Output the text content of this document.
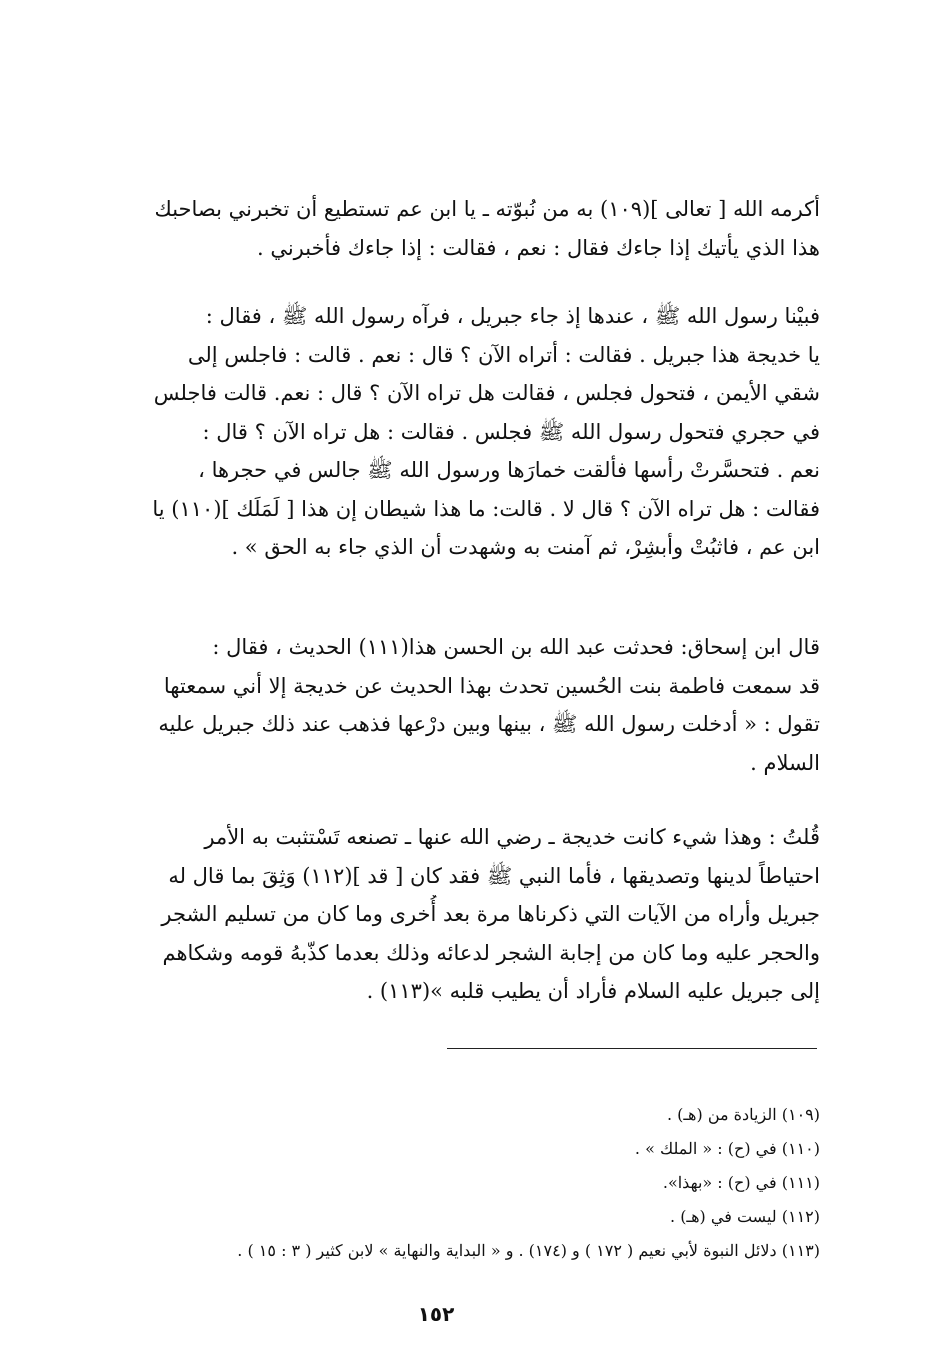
أكرمه الله [ تعالى ](١٠٩) به من نُبوّته ـ يا ابن عم تستطيع أن تخبرني بصاحبك
هذا الذي يأتيك إذا جاءك فقال : نعم ، فقالت : إذا جاءك فأخبرني .
فبيْنا رسول الله ﷺ ، عندها إذ جاء جبريل ، فرآه رسول الله ﷺ ، فقال :
يا خديجة هذا جبريل . فقالت : أتراه الآن ؟ قال : نعم . قالت : فاجلس إلى
شقي الأيمن ، فتحول فجلس ، فقالت هل تراه الآن ؟ قال : نعم. قالت فاجلس
في حجري فتحول رسول الله ﷺ فجلس . فقالت : هل تراه الآن ؟ قال :
نعم . فتحسَّرتْ رأسها فألقت خمارَها ورسول الله ﷺ جالس في حجرها ،
فقالت : هل تراه الآن ؟ قال لا . قالت: ما هذا شيطان إن هذا [ لَمَلَك ](١١٠) يا
ابن عم ، فاثبُتْ وأبشِرْ، ثم آمنت به وشهدت أن الذي جاء به الحق » .
قال ابن إسحاق: فحدثت عبد الله بن الحسن هذا(١١١) الحديث ، فقال :
قد سمعت فاطمة بنت الحُسين تحدث بهذا الحديث عن خديجة إلا أني سمعتها
تقول : « أدخلت رسول الله ﷺ ، بينها وبين درْعها فذهب عند ذلك جبريل عليه
السلام .
قُلتُ : وهذا شيء كانت خديجة ـ رضي الله عنها ـ تصنعه تَسْتثبت به الأمر
احتياطاً لدينها وتصديقها ، فأما النبي ﷺ فقد كان [ قد ](١١٢) وَثِقَ بما قال له
جبريل وأراه من الآيات التي ذكرناها مرة بعد أُخرى وما كان من تسليم الشجر
والحجر عليه وما كان من إجابة الشجر لدعائه وذلك بعدما كذّبهُ قومه وشكاهم
إلى جبريل عليه السلام فأراد أن يطيب قلبه »(١١٣) .
(١٠٩) الزيادة من (هـ) .
(١١٠) في (ح) : « الملك » .
(١١١) في (ح) : «بهذا».
(١١٢) ليست في (هـ) .
(١١٣) دلائل النبوة لأبي نعيم ( ١٧٢ ) و (١٧٤) . و « البداية والنهاية » لابن كثير ( ٣ : ١٥ ) .
١٥٢
